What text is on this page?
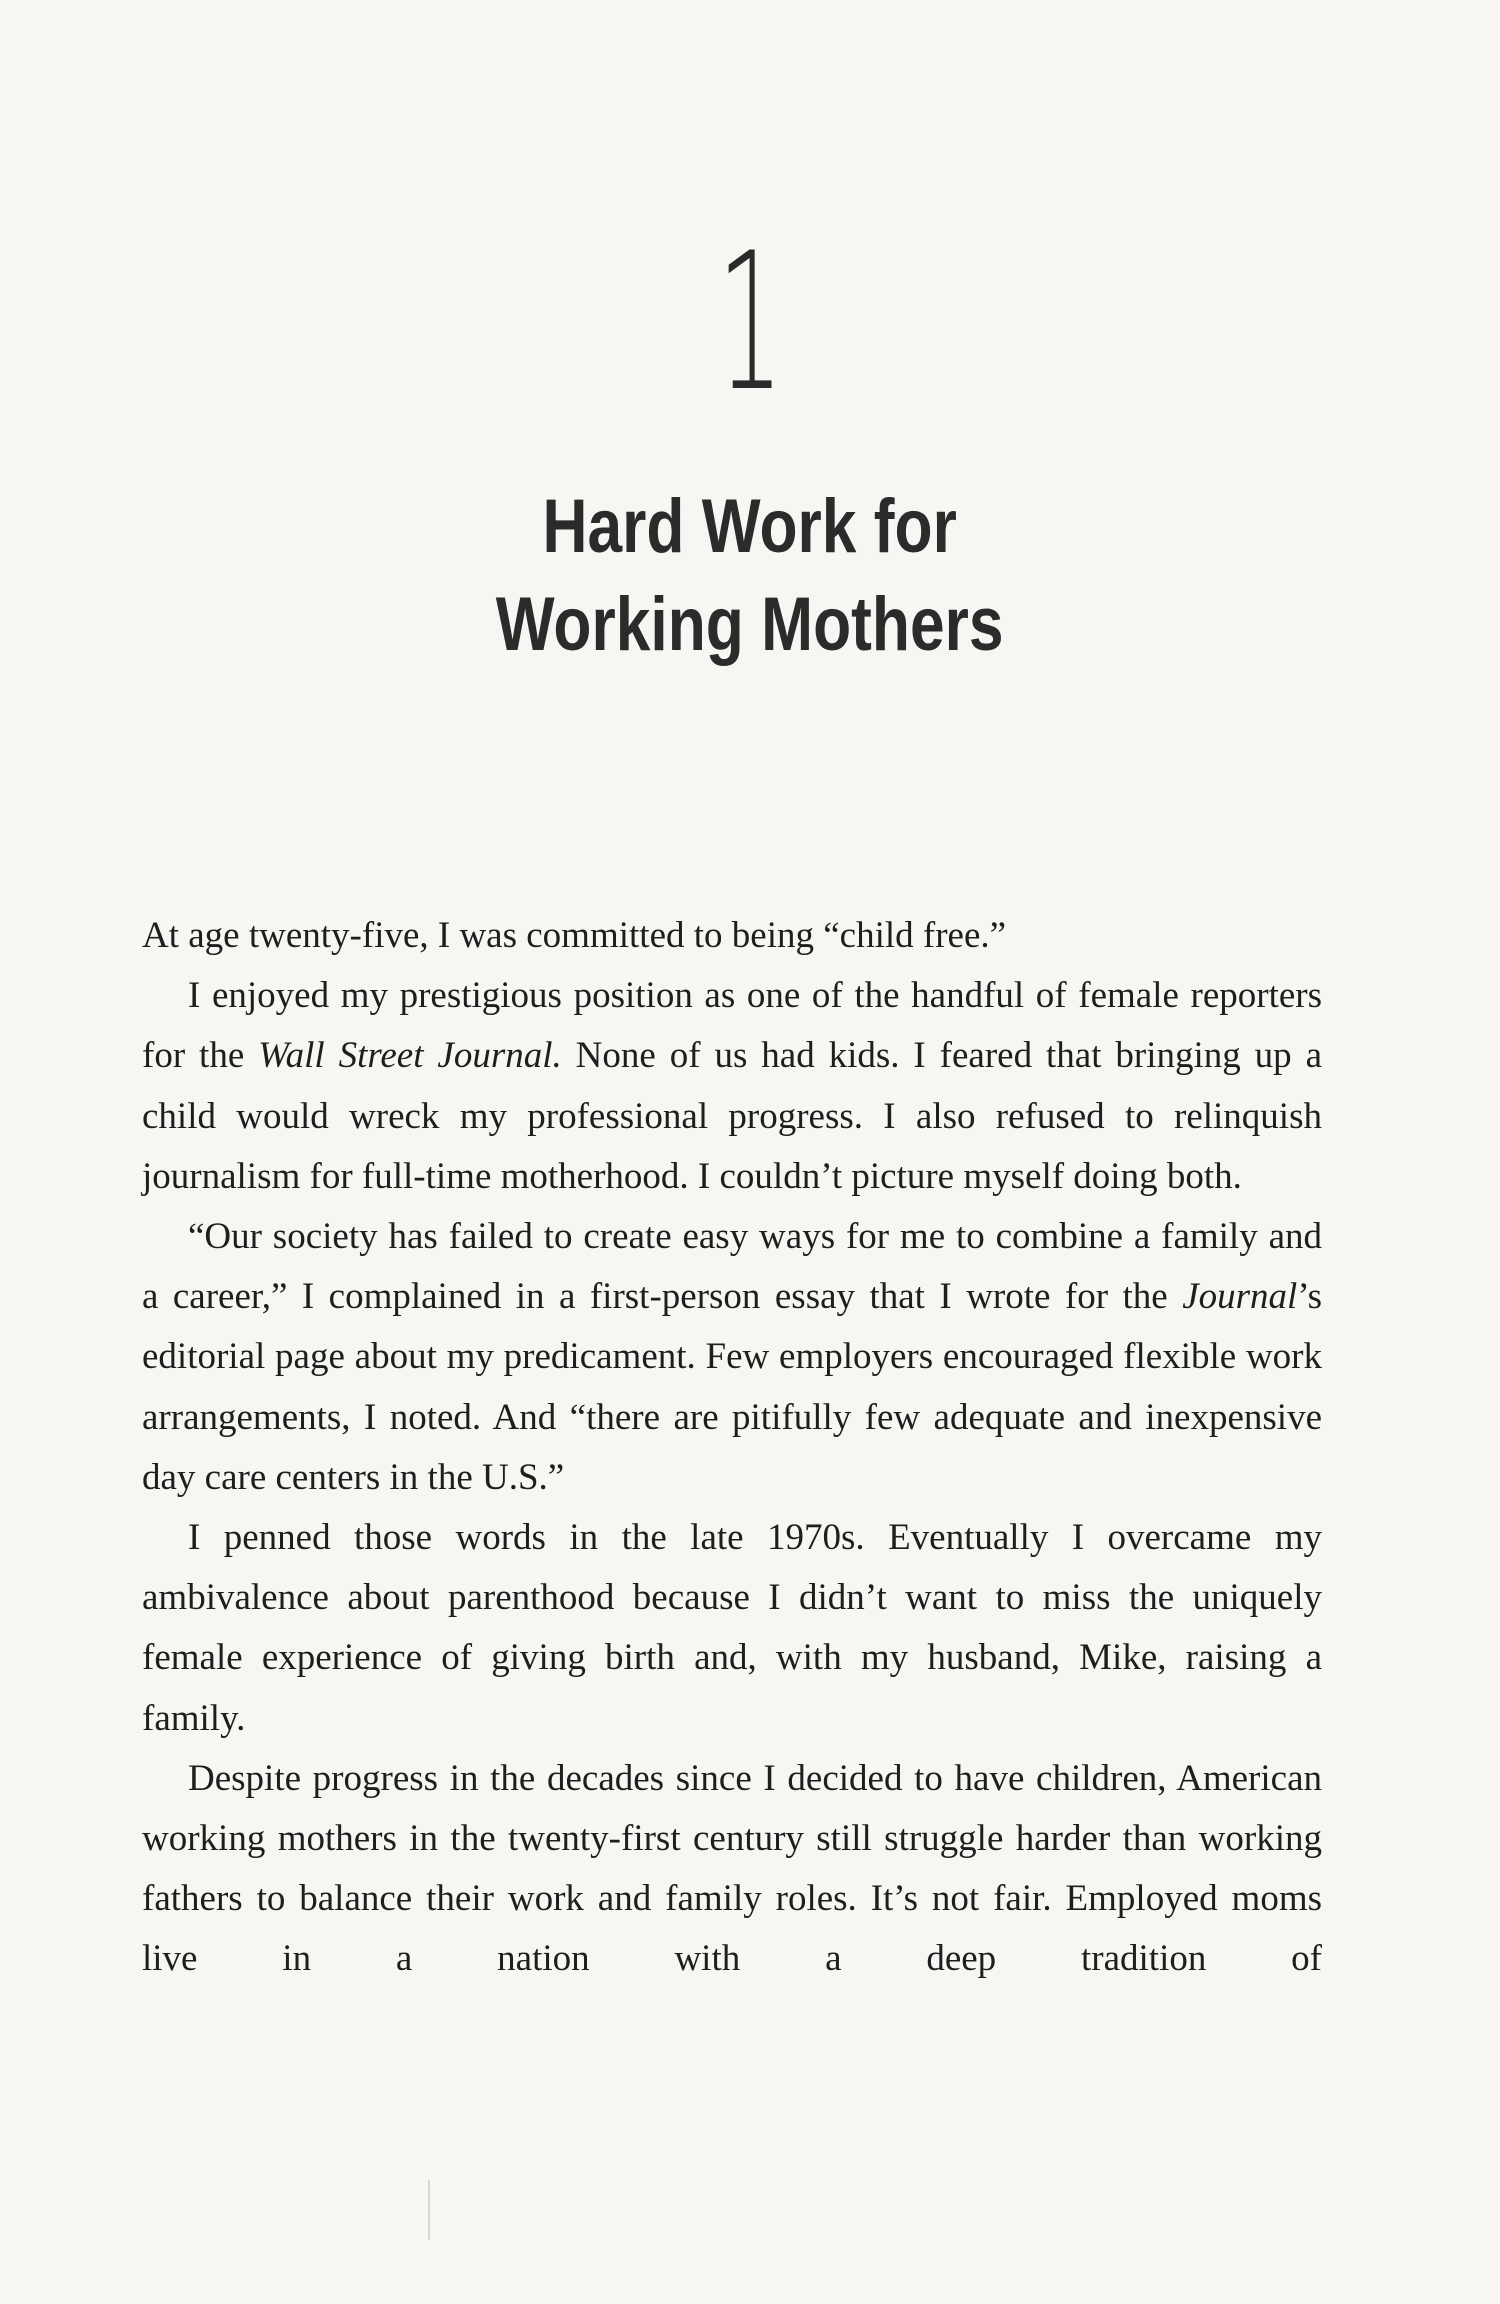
1
Hard Work for
Working Mothers

At age twenty-five, I was committed to being “child free.”

I enjoyed my prestigious position as one of the handful of female reporters for the Wall Street Journal. None of us had kids. I feared that bringing up a child would wreck my professional progress. I also refused to relinquish journalism for full-time motherhood. I couldn’t picture myself doing both.

“Our society has failed to create easy ways for me to combine a family and a career,” I complained in a first-person essay that I wrote for the Journal’s editorial page about my predicament. Few employers encouraged flexible work arrangements, I noted. And “there are pitifully few adequate and inexpensive day care centers in the U.S.”

I penned those words in the late 1970s. Eventually I overcame my ambivalence about parenthood because I didn’t want to miss the uniquely female experience of giving birth and, with my husband, Mike, raising a family.

Despite progress in the decades since I decided to have children, American working mothers in the twenty-first century still struggle harder than working fathers to balance their work and family roles. It’s not fair. Employed moms live in a nation with a deep tradition of
